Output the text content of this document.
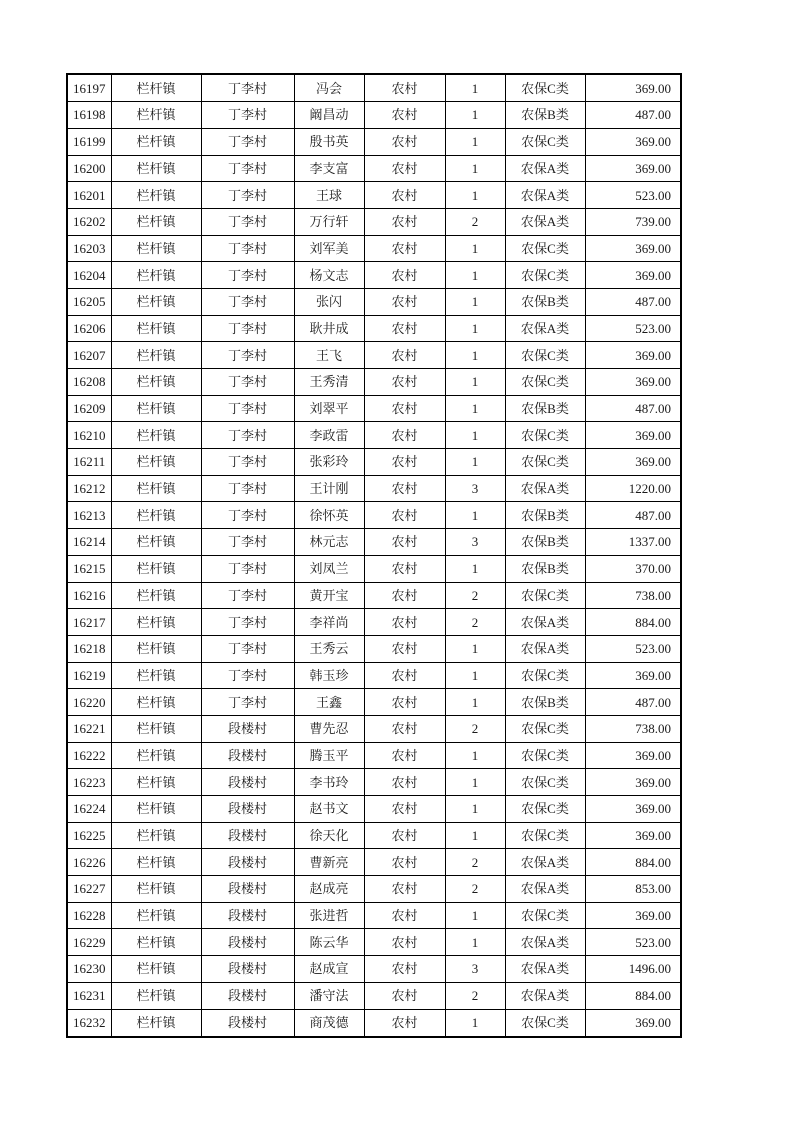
16197	栏杆镇	丁李村	冯会	农村	1	农保C类	369.00
16198	栏杆镇	丁李村	阚昌动	农村	1	农保B类	487.00
16199	栏杆镇	丁李村	殷书英	农村	1	农保C类	369.00
16200	栏杆镇	丁李村	李支富	农村	1	农保A类	369.00
16201	栏杆镇	丁李村	王球	农村	1	农保A类	523.00
16202	栏杆镇	丁李村	万行轩	农村	2	农保A类	739.00
16203	栏杆镇	丁李村	刘军美	农村	1	农保C类	369.00
16204	栏杆镇	丁李村	杨文志	农村	1	农保C类	369.00
16205	栏杆镇	丁李村	张闪	农村	1	农保B类	487.00
16206	栏杆镇	丁李村	耿井成	农村	1	农保A类	523.00
16207	栏杆镇	丁李村	王飞	农村	1	农保C类	369.00
16208	栏杆镇	丁李村	王秀清	农村	1	农保C类	369.00
16209	栏杆镇	丁李村	刘翠平	农村	1	农保B类	487.00
16210	栏杆镇	丁李村	李政雷	农村	1	农保C类	369.00
16211	栏杆镇	丁李村	张彩玲	农村	1	农保C类	369.00
16212	栏杆镇	丁李村	王计刚	农村	3	农保A类	1220.00
16213	栏杆镇	丁李村	徐怀英	农村	1	农保B类	487.00
16214	栏杆镇	丁李村	林元志	农村	3	农保B类	1337.00
16215	栏杆镇	丁李村	刘凤兰	农村	1	农保B类	370.00
16216	栏杆镇	丁李村	黄开宝	农村	2	农保C类	738.00
16217	栏杆镇	丁李村	李祥尚	农村	2	农保A类	884.00
16218	栏杆镇	丁李村	王秀云	农村	1	农保A类	523.00
16219	栏杆镇	丁李村	韩玉珍	农村	1	农保C类	369.00
16220	栏杆镇	丁李村	王鑫	农村	1	农保B类	487.00
16221	栏杆镇	段楼村	曹先忍	农村	2	农保C类	738.00
16222	栏杆镇	段楼村	腾玉平	农村	1	农保C类	369.00
16223	栏杆镇	段楼村	李书玲	农村	1	农保C类	369.00
16224	栏杆镇	段楼村	赵书文	农村	1	农保C类	369.00
16225	栏杆镇	段楼村	徐天化	农村	1	农保C类	369.00
16226	栏杆镇	段楼村	曹新亮	农村	2	农保A类	884.00
16227	栏杆镇	段楼村	赵成亮	农村	2	农保A类	853.00
16228	栏杆镇	段楼村	张进哲	农村	1	农保C类	369.00
16229	栏杆镇	段楼村	陈云华	农村	1	农保A类	523.00
16230	栏杆镇	段楼村	赵成宣	农村	3	农保A类	1496.00
16231	栏杆镇	段楼村	潘守法	农村	2	农保A类	884.00
16232	栏杆镇	段楼村	商茂德	农村	1	农保C类	369.00
